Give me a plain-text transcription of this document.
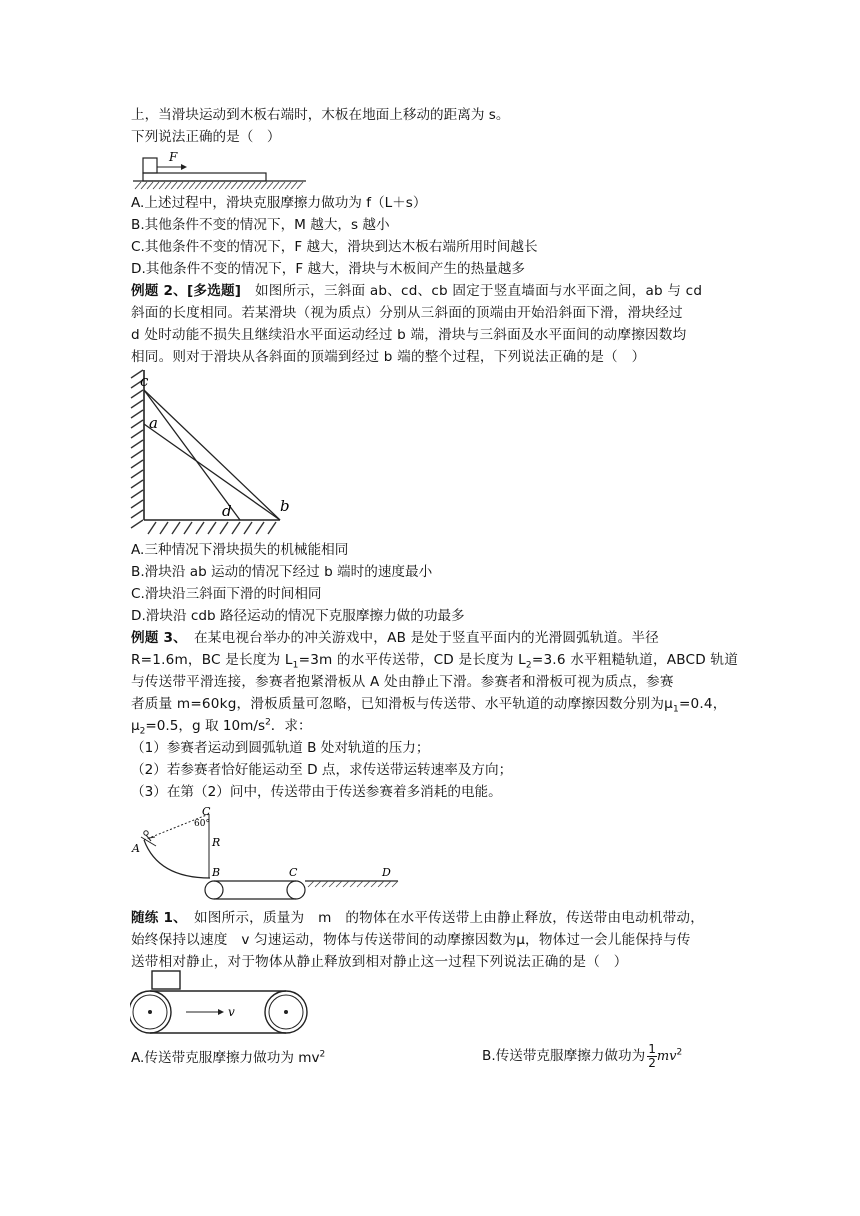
上，当滑块运动到木板右端时，木板在地面上移动的距离为 s。
下列说法正确的是（　）
F
A.上述过程中，滑块克服摩擦力做功为 f（L＋s）
B.其他条件不变的情况下，M 越大，s 越小
C.其他条件不变的情况下，F 越大，滑块到达木板右端所用时间越长
D.其他条件不变的情况下，F 越大，滑块与木板间产生的热量越多
例题 2、[多选题]　如图所示，三斜面 ab、cd、cb 固定于竖直墙面与水平面之间，ab 与 cd
斜面的长度相同。若某滑块（视为质点）分别从三斜面的顶端由开始沿斜面下滑，滑块经过
d 处时动能不损失且继续沿水平面运动经过 b 端，滑块与三斜面及水平面间的动摩擦因数均
相同。则对于滑块从各斜面的顶端到经过 b 端的整个过程，下列说法正确的是（　）
c
a
d	b
A.三种情况下滑块损失的机械能相同
B.滑块沿 ab 运动的情况下经过 b 端时的速度最小
C.滑块沿三斜面下滑的时间相同
D.滑块沿 cdb 路径运动的情况下克服摩擦力做的功最多
例题 3、　在某电视台举办的冲关游戏中，AB 是处于竖直平面内的光滑圆弧轨道。半径
R=1.6m，BC 是长度为 $L_1=3m$ 的水平传送带，CD 是长度为 $L_2=3.6$ 水平粗糙轨道，ABCD 轨道
与传送带平滑连接，参赛者抱紧滑板从 A 处由静止下滑。参赛者和滑板可视为质点，参赛
者质量 m=60kg，滑板质量可忽略，已知滑板与传送带、水平轨道的动摩擦因数分别为$\mu_1=0.4$，
$\mu_2=0.5$，g 取 $10m/s^2$．求：
（1）参赛者运动到圆弧轨道 B 处对轨道的压力；
（2）若参赛者恰好能运动至 D 点，求传送带运转速率及方向；
（3）在第（2）问中，传送带由于传送参赛着多消耗的电能。
C
60°
R
A
B	C	D
随练 1、　如图所示，质量为　m　的物体在水平传送带上由静止释放，传送带由电动机带动，
始终保持以速度　v 匀速运动，物体与传送带间的动摩擦因数为μ，物体过一会儿能保持与传
送带相对静止，对于物体从静止释放到相对静止这一过程下列说法正确的是（　）
v
A.传送带克服摩擦力做功为 $mv^2$	B.传送带克服摩擦力做功为 $\frac{1}{2} mv^2$
